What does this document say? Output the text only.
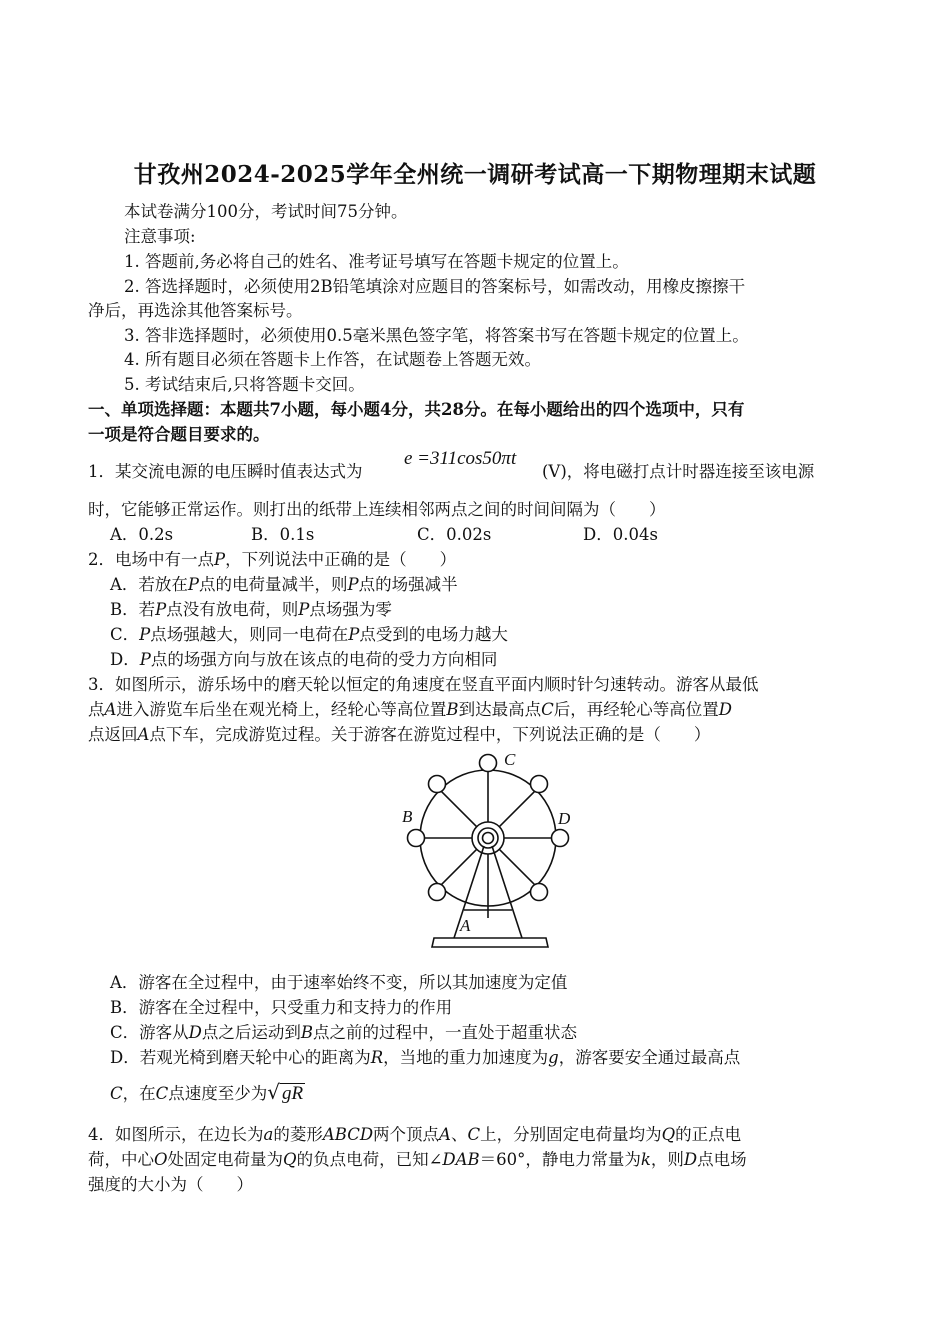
甘孜州2024-2025学年全州统一调研考试高一下期物理期末试题
本试卷满分100分，考试时间75分钟。
注意事项:
1. 答题前,务必将自己的姓名、准考证号填写在答题卡规定的位置上。
2. 答选择题时，必须使用2B铅笔填涂对应题目的答案标号，如需改动，用橡皮擦擦干
净后，再选涂其他答案标号。
3. 答非选择题时，必须使用0.5毫米黑色签字笔，将答案书写在答题卡规定的位置上。
4. 所有题目必须在答题卡上作答，在试题卷上答题无效。
5. 考试结束后,只将答题卡交回。
一、单项选择题：本题共7小题，每小题4分，共28分。在每小题给出的四个选项中，只有
一项是符合题目要求的。
1．某交流电源的电压瞬时值表达式为
e =311cos50πt
(V)，将电磁打点计时器连接至该电源
时，它能够正常运作。则打出的纸带上连续相邻两点之间的时间间隔为（　　）
A．0.2s	B．0.1s	C．0.02s	D．0.04s
2．电场中有一点P，下列说法中正确的是（　　）
A．若放在P点的电荷量减半，则P点的场强减半
B．若P点没有放电荷，则P点场强为零
C．P点场强越大，则同一电荷在P点受到的电场力越大
D．P点的场强方向与放在该点的电荷的受力方向相同
3．如图所示，游乐场中的磨天轮以恒定的角速度在竖直平面内顺时针匀速转动。游客从最低
点A进入游览车后坐在观光椅上，经轮心等高位置B到达最高点C后，再经轮心等高位置D
点返回A点下车，完成游览过程。关于游客在游览过程中，下列说法正确的是（　　）
C
B	D
A
A．游客在全过程中，由于速率始终不变，所以其加速度为定值
B．游客在全过程中，只受重力和支持力的作用
C．游客从D点之后运动到B点之前的过程中，一直处于超重状态
D．若观光椅到磨天轮中心的距离为R，当地的重力加速度为g，游客要安全通过最高点
C，在C点速度至少为√ gR
4．如图所示，在边长为a的菱形ABCD两个顶点A、C上，分别固定电荷量均为Q的正点电
荷，中心O处固定电荷量为Q的负点电荷，已知∠DAB＝60°，静电力常量为k，则D点电场
强度的大小为（　　）
